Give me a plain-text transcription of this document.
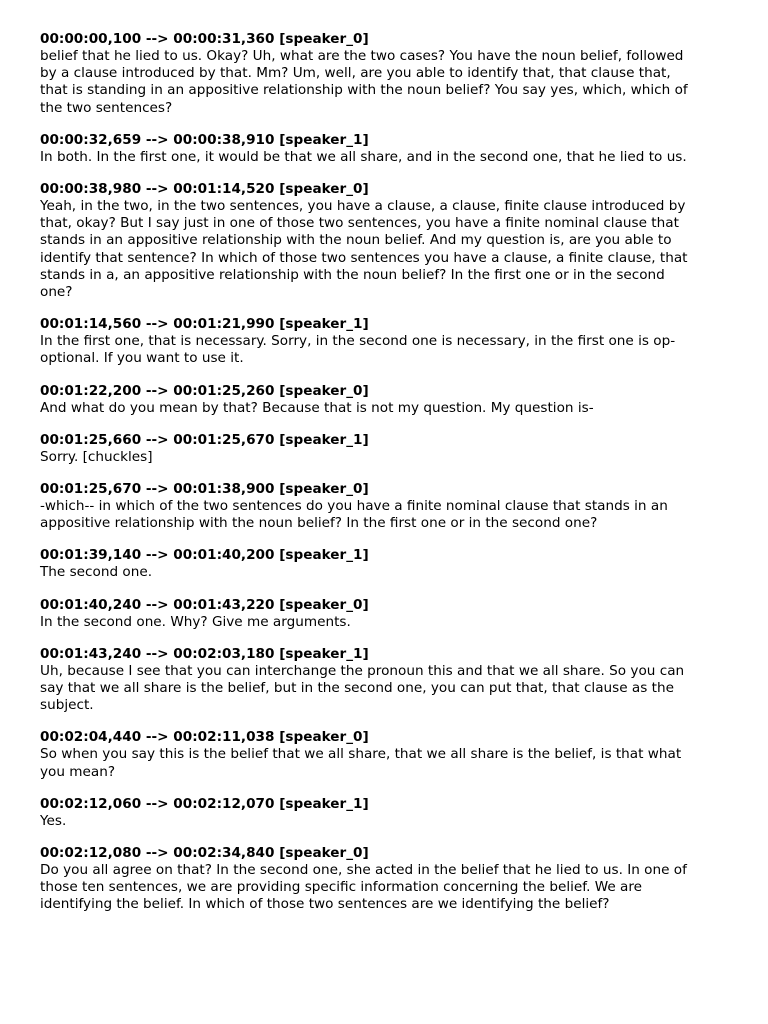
00:00:00,100 --> 00:00:31,360 [speaker_0]

belief that he lied to us. Okay? Uh, what are the two cases? You have the noun belief, followed

by a clause introduced by that. Mm? Um, well, are you able to identify that, that clause that,

that is standing in an appositive relationship with the noun belief? You say yes, which, which of

the two sentences?

00:00:32,659 --> 00:00:38,910 [speaker_1]

In both. In the first one, it would be that we all share, and in the second one, that he lied to us.

00:00:38,980 --> 00:01:14,520 [speaker_0]

Yeah, in the two, in the two sentences, you have a clause, a clause, finite clause introduced by

that, okay? But I say just in one of those two sentences, you have a finite nominal clause that

stands in an appositive relationship with the noun belief. And my question is, are you able to

identify that sentence? In which of those two sentences you have a clause, a finite clause, that

stands in a, an appositive relationship with the noun belief? In the first one or in the second

one?

00:01:14,560 --> 00:01:21,990 [speaker_1]

In the first one, that is necessary. Sorry, in the second one is necessary, in the first one is op-

optional. If you want to use it.

00:01:22,200 --> 00:01:25,260 [speaker_0]

And what do you mean by that? Because that is not my question. My question is-

00:01:25,660 --> 00:01:25,670 [speaker_1]

Sorry. [chuckles]

00:01:25,670 --> 00:01:38,900 [speaker_0]

-which-- in which of the two sentences do you have a finite nominal clause that stands in an

appositive relationship with the noun belief? In the first one or in the second one?

00:01:39,140 --> 00:01:40,200 [speaker_1]

The second one.

00:01:40,240 --> 00:01:43,220 [speaker_0]

In the second one. Why? Give me arguments.

00:01:43,240 --> 00:02:03,180 [speaker_1]

Uh, because I see that you can interchange the pronoun this and that we all share. So you can

say that we all share is the belief, but in the second one, you can put that, that clause as the

subject.

00:02:04,440 --> 00:02:11,038 [speaker_0]

So when you say this is the belief that we all share, that we all share is the belief, is that what

you mean?

00:02:12,060 --> 00:02:12,070 [speaker_1]

Yes.

00:02:12,080 --> 00:02:34,840 [speaker_0]

Do you all agree on that? In the second one, she acted in the belief that he lied to us. In one of

those ten sentences, we are providing specific information concerning the belief. We are

identifying the belief. In which of those two sentences are we identifying the belief?
